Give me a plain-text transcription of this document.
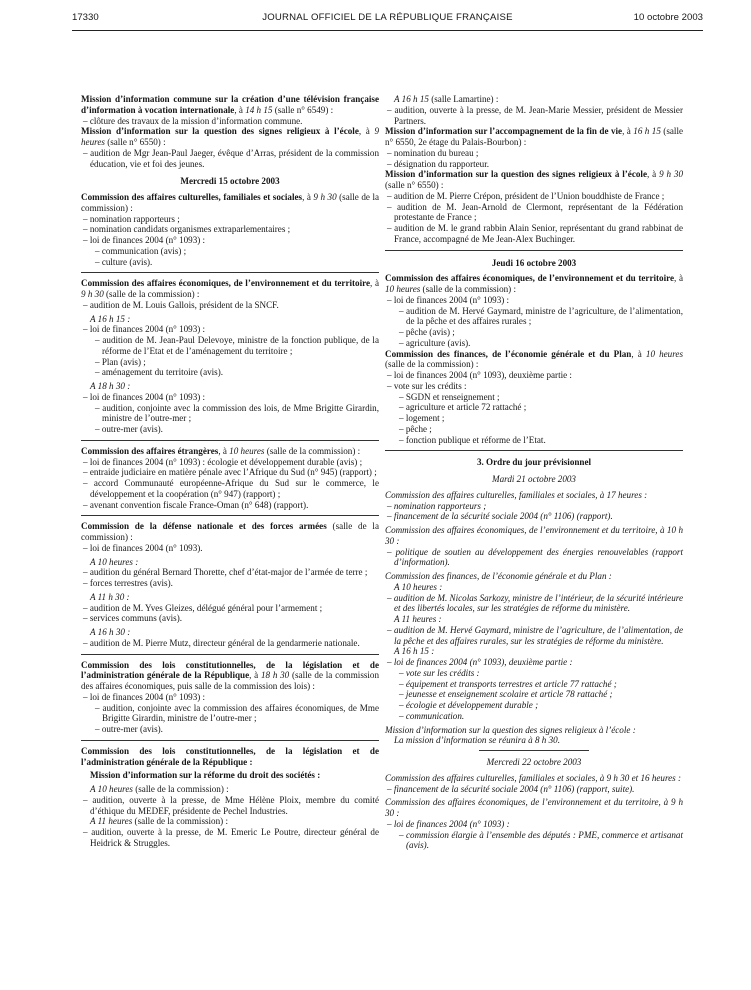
17330	JOURNAL OFFICIEL DE LA RÉPUBLIQUE FRANÇAISE	10 octobre 2003

Mission d’information commune sur la création d’une télévision française d’information à vocation internationale, à 14 h 15 (salle n° 6549) :

– clôture des travaux de la mission d’information commune.

Mission d’information sur la question des signes religieux à l’école, à 9 heures (salle n° 6550) :

– audition de Mgr Jean-Paul Jaeger, évêque d’Arras, président de la commission éducation, vie et foi des jeunes.

Mercredi 15 octobre 2003

Commission des affaires culturelles, familiales et sociales, à 9 h 30 (salle de la commission) :

– nomination rapporteurs ;

– nomination candidats organismes extraparlementaires ;

– loi de finances 2004 (n° 1093) :

– communication (avis) ;

– culture (avis).

Commission des affaires économiques, de l’environnement et du territoire, à 9 h 30 (salle de la commission) :

– audition de M. Louis Gallois, président de la SNCF.

A 16 h 15 :

– loi de finances 2004 (n° 1093) :

– audition de M. Jean-Paul Delevoye, ministre de la fonction publique, de la réforme de l’Etat et de l’aménagement du territoire ;

– Plan (avis) ;

– aménagement du territoire (avis).

A 18 h 30 :

– loi de finances 2004 (n° 1093) :

– audition, conjointe avec la commission des lois, de Mme Brigitte Girardin, ministre de l’outre-mer ;

– outre-mer (avis).

Commission des affaires étrangères, à 10 heures (salle de la commission) :

– loi de finances 2004 (n° 1093) : écologie et développement durable (avis) ;

– entraide judiciaire en matière pénale avec l’Afrique du Sud (n° 945) (rapport) ;

– accord Communauté européenne-Afrique du Sud sur le commerce, le développement et la coopération (n° 947) (rapport) ;

– avenant convention fiscale France-Oman (n° 648) (rapport).

Commission de la défense nationale et des forces armées (salle de la commission) :

– loi de finances 2004 (n° 1093).

A 10 heures :

– audition du général Bernard Thorette, chef d’état-major de l’armée de terre ;

– forces terrestres (avis).

A 11 h 30 :

– audition de M. Yves Gleizes, délégué général pour l’armement ;

– services communs (avis).

A 16 h 30 :

– audition de M. Pierre Mutz, directeur général de la gendarmerie nationale.

Commission des lois constitutionnelles, de la législation et de l’administration générale de la République, à 18 h 30 (salle de la commission des affaires économiques, puis salle de la commission des lois) :

– loi de finances 2004 (n° 1093) :

– audition, conjointe avec la commission des affaires économiques, de Mme Brigitte Girardin, ministre de l’outre-mer ;

– outre-mer (avis).

Commission des lois constitutionnelles, de la législation et de l’administration générale de la République :

Mission d’information sur la réforme du droit des sociétés :

A 10 heures (salle de la commission) :

– audition, ouverte à la presse, de Mme Hélène Ploix, membre du comité d’éthique du MEDEF, présidente de Pechel Industries.

A 11 heures (salle de la commission) :

– audition, ouverte à la presse, de M. Emeric Le Poutre, directeur général de Heidrick & Struggles.

A 16 h 15 (salle Lamartine) :

– audition, ouverte à la presse, de M. Jean-Marie Messier, président de Messier Partners.

Mission d’information sur l’accompagnement de la fin de vie, à 16 h 15 (salle n° 6550, 2e étage du Palais-Bourbon) :

– nomination du bureau ;

– désignation du rapporteur.

Mission d’information sur la question des signes religieux à l’école, à 9 h 30 (salle n° 6550) :

– audition de M. Pierre Crépon, président de l’Union bouddhiste de France ;

– audition de M. Jean-Arnold de Clermont, représentant de la Fédération protestante de France ;

– audition de M. le grand rabbin Alain Senior, représentant du grand rabbinat de France, accompagné de Me Jean-Alex Buchinger.

Jeudi 16 octobre 2003

Commission des affaires économiques, de l’environnement et du territoire, à 10 heures (salle de la commission) :

– loi de finances 2004 (n° 1093) :

– audition de M. Hervé Gaymard, ministre de l’agriculture, de l’alimentation, de la pêche et des affaires rurales ;

– pêche (avis) ;

– agriculture (avis).

Commission des finances, de l’économie générale et du Plan, à 10 heures (salle de la commission) :

– loi de finances 2004 (n° 1093), deuxième partie :

– vote sur les crédits :

– SGDN et renseignement ;

– agriculture et article 72 rattaché ;

– logement ;

– pêche ;

– fonction publique et réforme de l’Etat.

3. Ordre du jour prévisionnel

Mardi 21 octobre 2003

Commission des affaires culturelles, familiales et sociales, à 17 heures :

– nomination rapporteurs ;

– financement de la sécurité sociale 2004 (n° 1106) (rapport).

Commission des affaires économiques, de l’environnement et du territoire, à 10 h 30 :

– politique de soutien au développement des énergies renouvelables (rapport d’information).

Commission des finances, de l’économie générale et du Plan :

A 10 heures :

– audition de M. Nicolas Sarkozy, ministre de l’intérieur, de la sécurité intérieure et des libertés locales, sur les stratégies de réforme du ministère.

A 11 heures :

– audition de M. Hervé Gaymard, ministre de l’agriculture, de l’alimentation, de la pêche et des affaires rurales, sur les stratégies de réforme du ministère.

A 16 h 15 :

– loi de finances 2004 (n° 1093), deuxième partie :

– vote sur les crédits :

– équipement et transports terrestres et article 77 rattaché ;

– jeunesse et enseignement scolaire et article 78 rattaché ;

– écologie et développement durable ;

– communication.

Mission d’information sur la question des signes religieux à l’école :

La mission d’information se réunira à 8 h 30.

Mercredi 22 octobre 2003

Commission des affaires culturelles, familiales et sociales, à 9 h 30 et 16 heures :

– financement de la sécurité sociale 2004 (n° 1106) (rapport, suite).

Commission des affaires économiques, de l’environnement et du territoire, à 9 h 30 :

– loi de finances 2004 (n° 1093) :

– commission élargie à l’ensemble des députés : PME, commerce et artisanat (avis).
